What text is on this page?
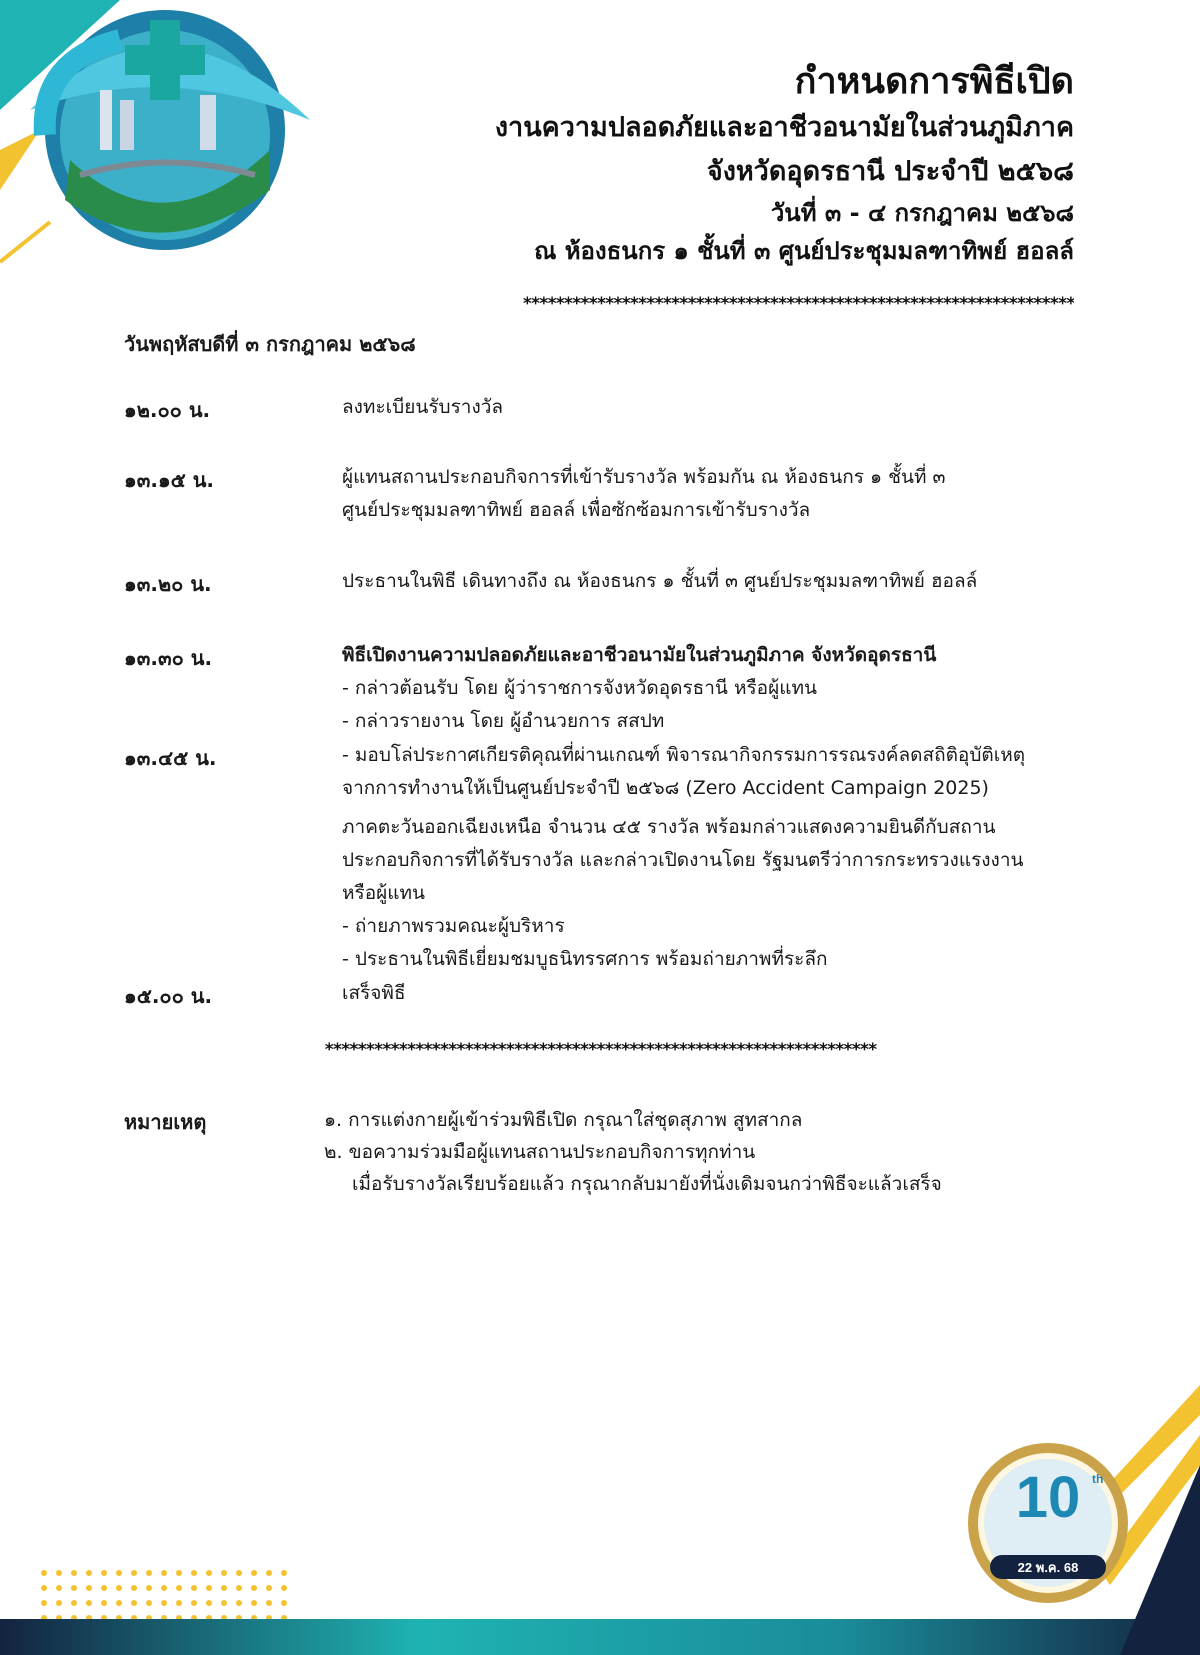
กำหนดการพิธีเปิด
งานความปลอดภัยและอาชีวอนามัยในส่วนภูมิภาค
จังหวัดอุดรธานี ประจำปี ๒๕๖๘
วันที่ ๓ - ๔ กรกฎาคม ๒๕๖๘
ณ ห้องธนกร ๑ ชั้นที่ ๓ ศูนย์ประชุมมลฑาทิพย์ ฮอลล์
*******************************************************************
วันพฤหัสบดีที่ ๓ กรกฎาคม ๒๕๖๘
๑๒.๐๐ น.	ลงทะเบียนรับรางวัล
๑๓.๑๕ น.	ผู้แทนสถานประกอบกิจการที่เข้ารับรางวัล พร้อมกัน ณ ห้องธนกร ๑ ชั้นที่ ๓
ศูนย์ประชุมมลฑาทิพย์ ฮอลล์ เพื่อซักซ้อมการเข้ารับรางวัล
๑๓.๒๐ น.	ประธานในพิธี เดินทางถึง ณ ห้องธนกร ๑ ชั้นที่ ๓ ศูนย์ประชุมมลฑาทิพย์ ฮอลล์
๑๓.๓๐ น.	พิธีเปิดงานความปลอดภัยและอาชีวอนามัยในส่วนภูมิภาค จังหวัดอุดรธานี
- กล่าวต้อนรับ โดย ผู้ว่าราชการจังหวัดอุดรธานี หรือผู้แทน
- กล่าวรายงาน โดย ผู้อำนวยการ สสปท
๑๓.๔๕ น.	- มอบโล่ประกาศเกียรติคุณที่ผ่านเกณฑ์ พิจารณากิจกรรมการรณรงค์ลดสถิติอุบัติเหตุ
จากการทำงานให้เป็นศูนย์ประจำปี ๒๕๖๘ (Zero Accident Campaign 2025)
ภาคตะวันออกเฉียงเหนือ จำนวน ๔๕ รางวัล พร้อมกล่าวแสดงความยินดีกับสถาน
ประกอบกิจการที่ได้รับรางวัล และกล่าวเปิดงานโดย รัฐมนตรีว่าการกระทรวงแรงงาน
หรือผู้แทน
- ถ่ายภาพรวมคณะผู้บริหาร
- ประธานในพิธีเยี่ยมชมบูธนิทรรศการ พร้อมถ่ายภาพที่ระลึก
๑๕.๐๐ น.	เสร็จพิธี
*******************************************************************
หมายเหตุ	๑. การแต่งกายผู้เข้าร่วมพิธีเปิด กรุณาใส่ชุดสุภาพ สูทสากล
๒. ขอความร่วมมือผู้แทนสถานประกอบกิจการทุกท่าน
เมื่อรับรางวัลเรียบร้อยแล้ว กรุณากลับมายังที่นั่งเดิมจนกว่าพิธีจะแล้วเสร็จ
10 th
22 พ.ค. 68
